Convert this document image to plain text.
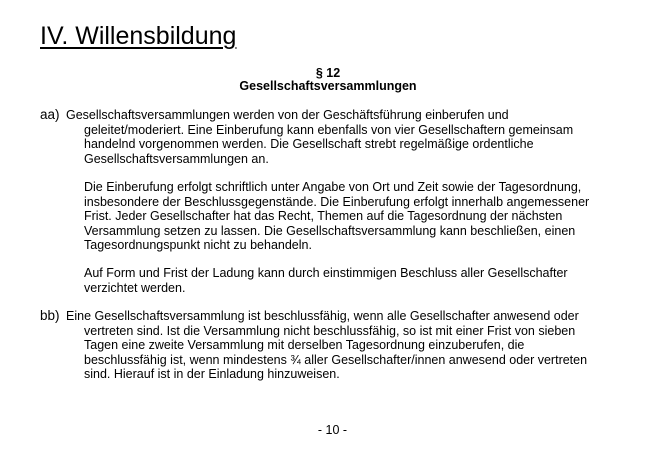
IV. Willensbildung
§ 12
Gesellschaftsversammlungen
aa) Gesellschaftsversammlungen werden von der Geschäftsführung einberufen und
geleitet/moderiert. Eine Einberufung kann ebenfalls von vier Gesellschaftern gemeinsam
handelnd vorgenommen werden. Die Gesellschaft strebt regelmäßige ordentliche
Gesellschaftsversammlungen an.
Die Einberufung erfolgt schriftlich unter Angabe von Ort und Zeit sowie der Tagesordnung,
insbesondere der Beschlussgegenstände. Die Einberufung erfolgt innerhalb angemessener
Frist. Jeder Gesellschafter hat das Recht, Themen auf die Tagesordnung der nächsten
Versammlung setzen zu lassen. Die Gesellschaftsversammlung kann beschließen, einen
Tagesordnungspunkt nicht zu behandeln.
Auf Form und Frist der Ladung kann durch einstimmigen Beschluss aller Gesellschafter
verzichtet werden.
bb) Eine Gesellschaftsversammlung ist beschlussfähig, wenn alle Gesellschafter anwesend oder
vertreten sind. Ist die Versammlung nicht beschlussfähig, so ist mit einer Frist von sieben
Tagen eine zweite Versammlung mit derselben Tagesordnung einzuberufen, die
beschlussfähig ist, wenn mindestens ¾ aller Gesellschafter/innen anwesend oder vertreten
sind. Hierauf ist in der Einladung hinzuweisen.
- 10 -
